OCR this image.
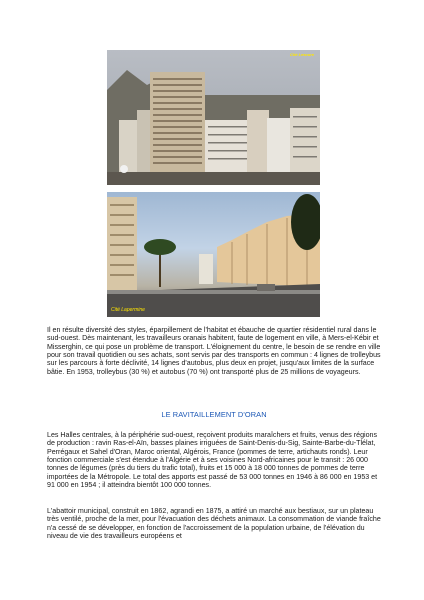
Cité Lescure
Cité Lapermine

Il en résulte diversité des styles, éparpillement de l'habitat et ébauche de quartier résidentiel rural dans le sud-ouest. Dès maintenant, les travailleurs oranais habitent, faute de logement en ville, à Mers-el-Kébir et Misserghin, ce qui pose un problème de transport. L'éloignement du centre, le besoin de se rendre en ville pour son travail quotidien ou ses achats, sont servis par des transports en commun : 4 lignes de trolleybus sur les parcours à forte déclivité, 14 lignes d'autobus, plus deux en projet, jusqu'aux limites de la surface bâtie. En 1953, trolleybus (30 %) et autobus (70 %) ont transporté plus de 25 millions de voyageurs.

LE RAVITAILLEMENT D'ORAN

Les Halles centrales, à la périphérie sud-ouest, reçoivent produits maraîchers et fruits, venus des régions de production : ravin Ras-el-Aïn, basses plaines irriguées de Saint-Denis-du-Sig, Sainte-Barbe-du-Tlélat, Perrégaux et Sahel d'Oran, Maroc oriental, Algérois, France (pommes de terre, artichauts ronds). Leur fonction commerciale s'est étendue à l'Algérie et à ses voisines Nord-africaines pour le transit : 26 000 tonnes de légumes (près du tiers du trafic total), fruits et 15 000 à 18 000 tonnes de pommes de terre importées de la Métropole. Le total des apports est passé de 53 000 tonnes en 1946 à 86 000 en 1953 et 91 000 en 1954 ; il atteindra bientôt 100 000 tonnes.

L'abattoir municipal, construit en 1862, agrandi en 1875, a attiré un marché aux bestiaux, sur un plateau très ventilé, proche de la mer, pour l'évacuation des déchets animaux. La consommation de viande fraîche n'a cessé de se développer, en fonction de l'accroissement de la population urbaine, de l'élévation du niveau de vie des travailleurs européens et
